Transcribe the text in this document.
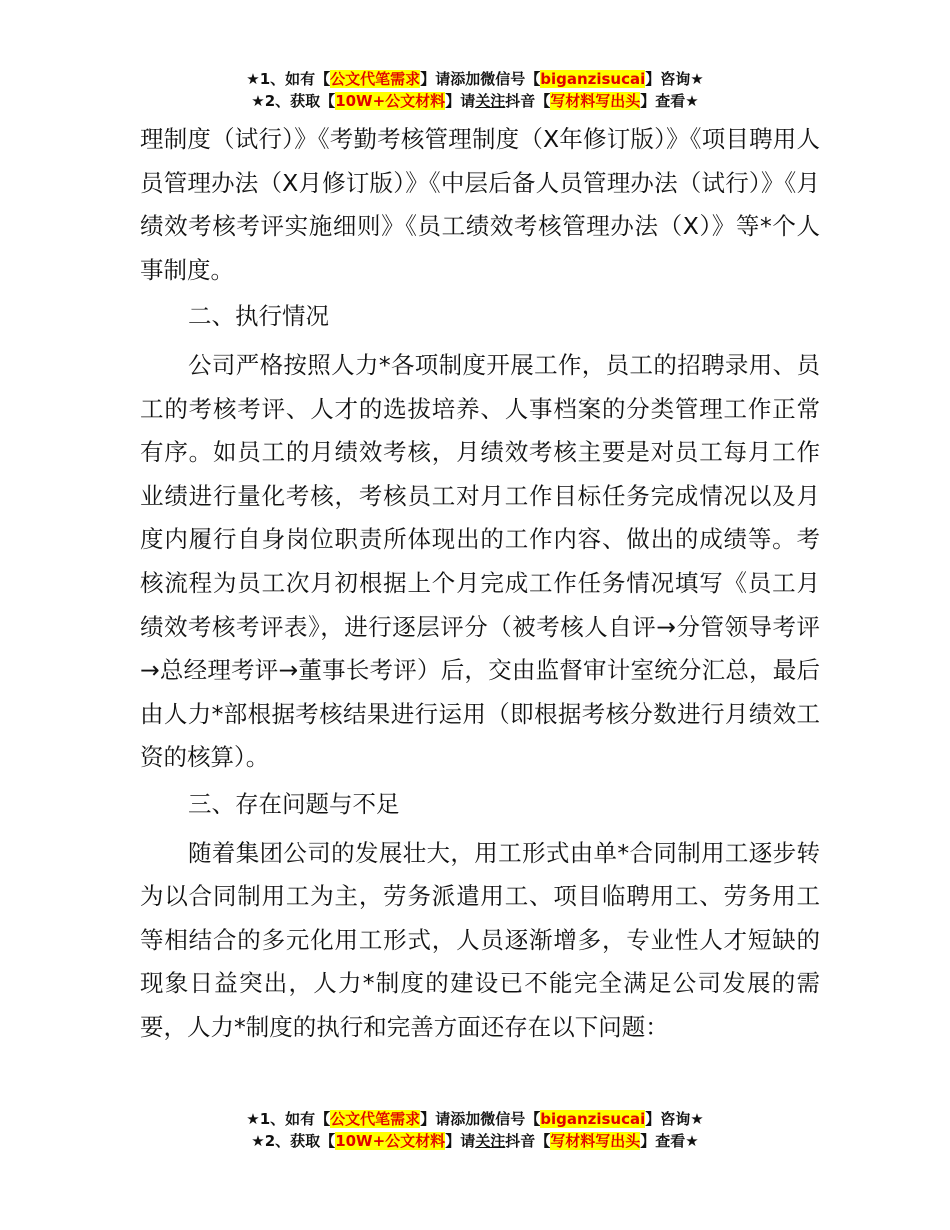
★1、如有【公文代笔需求】请添加微信号【biganzisucai】咨询★
★2、获取【10W+公文材料】请关注抖音【写材料写出头】查看★

理制度（试行）》《考勤考核管理制度（X年修订版）》《项目聘用人员管理办法（X月修订版）》《中层后备人员管理办法（试行）》《月绩效考核考评实施细则》《员工绩效考核管理办法（X）》等*个人事制度。

二、执行情况

公司严格按照人力*各项制度开展工作，员工的招聘录用、员工的考核考评、人才的选拔培养、人事档案的分类管理工作正常有序。如员工的月绩效考核，月绩效考核主要是对员工每月工作业绩进行量化考核，考核员工对月工作目标任务完成情况以及月度内履行自身岗位职责所体现出的工作内容、做出的成绩等。考核流程为员工次月初根据上个月完成工作任务情况填写《员工月绩效考核考评表》，进行逐层评分（被考核人自评→分管领导考评→总经理考评→董事长考评）后，交由监督审计室统分汇总，最后由人力*部根据考核结果进行运用（即根据考核分数进行月绩效工资的核算）。

三、存在问题与不足

随着集团公司的发展壮大，用工形式由单*合同制用工逐步转为以合同制用工为主，劳务派遣用工、项目临聘用工、劳务用工等相结合的多元化用工形式，人员逐渐增多，专业性人才短缺的现象日益突出，人力*制度的建设已不能完全满足公司发展的需要，人力*制度的执行和完善方面还存在以下问题：

★1、如有【公文代笔需求】请添加微信号【biganzisucai】咨询★
★2、获取【10W+公文材料】请关注抖音【写材料写出头】查看★
